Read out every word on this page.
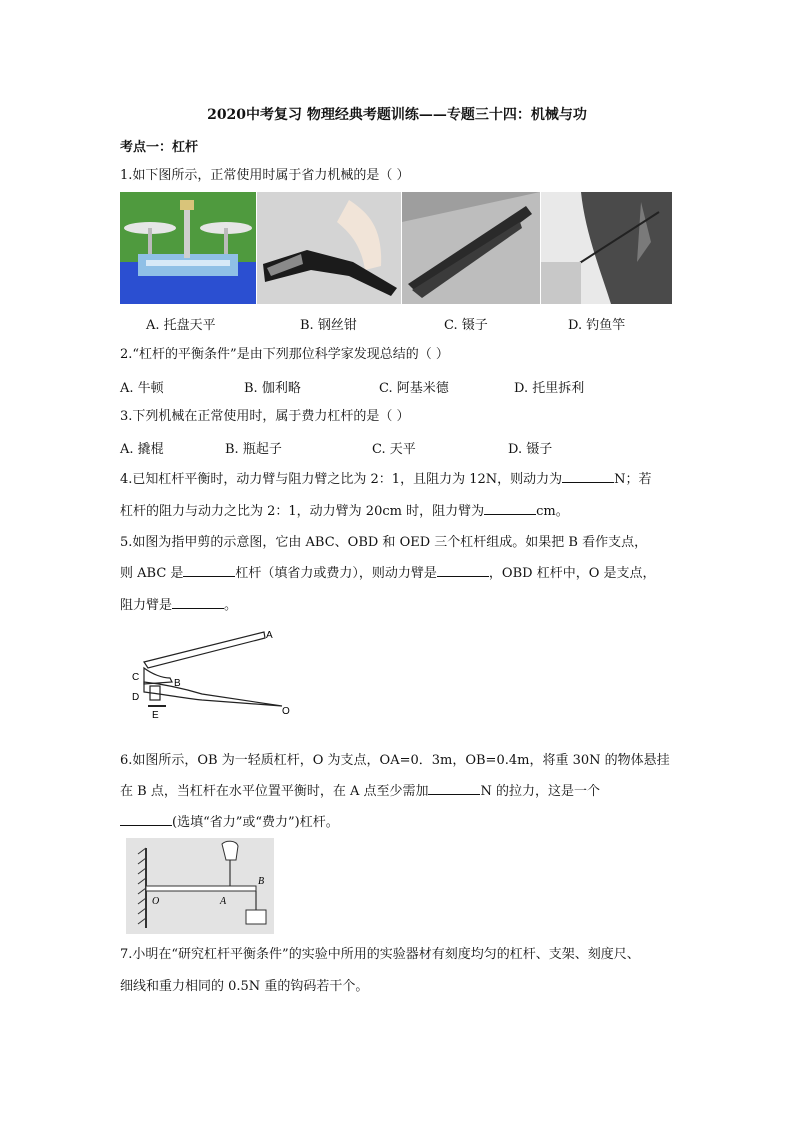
2020中考复习 物理经典考题训练——专题三十四：机械与功
考点一：杠杆
1.如下图所示，正常使用时属于省力机械的是（ ）
A. 托盘天平	B. 钢丝钳	C. 镊子	D. 钓鱼竿
2.“杠杆的平衡条件”是由下列那位科学家发现总结的（ ）
A. 牛顿	B. 伽利略	C. 阿基米德	D. 托里拆利
3.下列机械在正常使用时，属于费力杠杆的是（ ）
A. 撬棍	B. 瓶起子	C. 天平	D. 镊子
4.已知杠杆平衡时，动力臂与阻力臂之比为 2：1，且阻力为 12N，则动力为	N；若
杠杆的阻力与动力之比为 2：1，动力臂为 20cm 时，阻力臂为	cm。
5.如图为指甲剪的示意图，它由 ABC、OBD 和 OED 三个杠杆组成。如果把 B 看作支点，
则 ABC 是	杠杆（填省力或费力），则动力臂是	，OBD 杠杆中，O 是支点，
阻力臂是	。
A
C
B
D
E	O
6.如图所示，OB 为一轻质杠杆，O 为支点，OA=0．3m，OB=0.4m，将重 30N 的物体悬挂
在 B 点，当杠杆在水平位置平衡时，在 A 点至少需加	N 的拉力，这是一个
(选填“省力”或“费力”)杠杆。
O	A
B
7.小明在“研究杠杆平衡条件”的实验中所用的实验器材有刻度均匀的杠杆、支架、刻度尺、
细线和重力相同的 0.5N 重的钩码若干个。
